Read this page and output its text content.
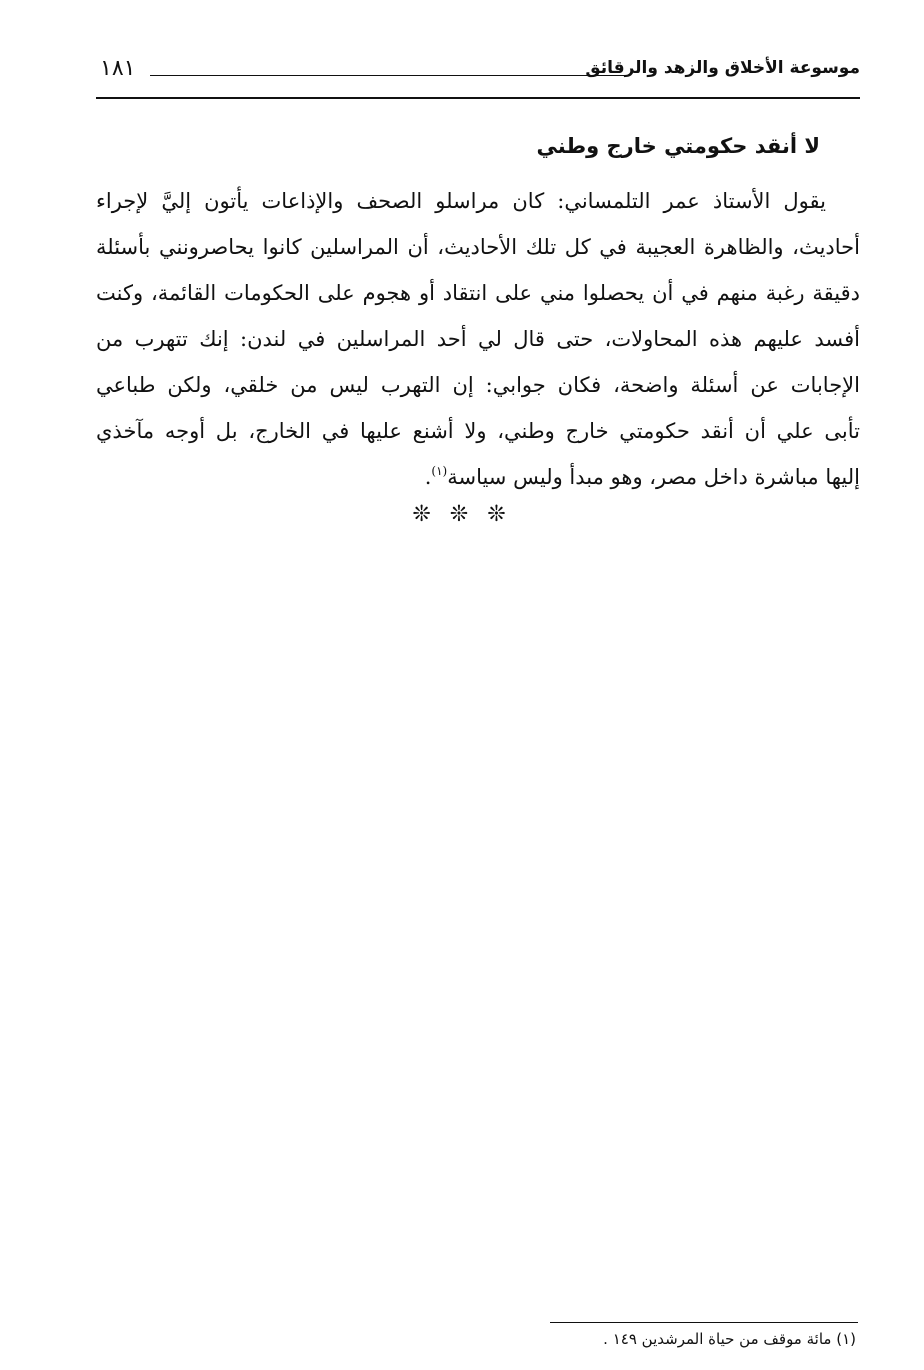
١٨١	موسوعة الأخلاق والزهد والرقائق
لا أنقد حكومتي خارج وطني
يقول الأستاذ عمر التلمساني: كان مراسلو الصحف والإذاعات يأتون إليَّ لإجراء
أحاديث، والظاهرة العجيبة في كل تلك الأحاديث، أن المراسلين كانوا يحاصرونني بأسئلة
دقيقة رغبة منهم في أن يحصلوا مني على انتقاد أو هجوم على الحكومات القائمة، وكنت
أفسد عليهم هذه المحاولات، حتى قال لي أحد المراسلين في لندن: إنك تتهرب من
الإجابات عن أسئلة واضحة، فكان جوابي: إن التهرب ليس من خلقي، ولكن طباعي
تأبى علي أن أنقد حكومتي خارج وطني، ولا أشنع عليها في الخارج، بل أوجه مآخذي
إليها مباشرة داخل مصر، وهو مبدأ وليس سياسة$^{(١)}$.
❊ ❊ ❊
(١) مائة موقف من حياة المرشدين ١٤٩ .
